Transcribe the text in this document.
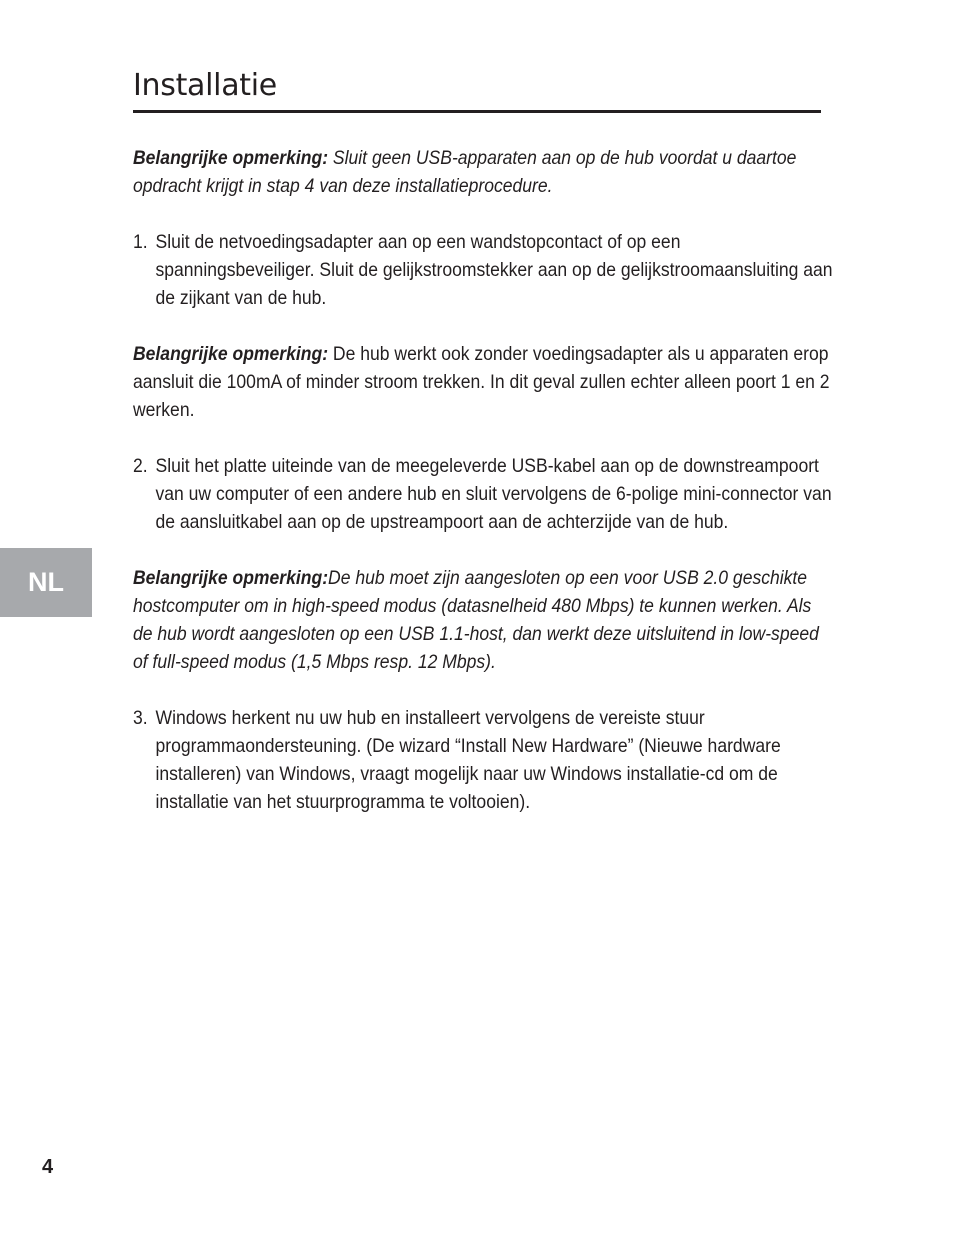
Installatie

Belangrijke opmerking: Sluit geen USB-apparaten aan op de hub voordat u daartoe opdracht krijgt in stap 4 van deze installatieprocedure.

1. Sluit de netvoedingsadapter aan op een wandstopcontact of op een spanningsbeveiliger. Sluit de gelijkstroomstekker aan op de gelijkstroomaansluiting aan de zijkant van de hub.

Belangrijke opmerking: De hub werkt ook zonder voedingsadapter als u apparaten erop aansluit die 100mA of minder stroom trekken. In dit geval zullen echter alleen poort 1 en 2 werken.

2. Sluit het platte uiteinde van de meegeleverde USB-kabel aan op de downstreampoort van uw computer of een andere hub en sluit vervolgens de 6-polige mini-connector van de aansluitkabel aan op de upstreampoort aan de achterzijde van de hub.

Belangrijke opmerking:De hub moet zijn aangesloten op een voor USB 2.0 geschikte hostcomputer om in high-speed modus (datasnelheid 480 Mbps) te kunnen werken. Als de hub wordt aangesloten op een USB 1.1-host, dan werkt deze uitsluitend in low-speed of full-speed modus (1,5 Mbps resp. 12 Mbps).

3. Windows herkent nu uw hub en installeert vervolgens de vereiste stuur programmaondersteuning. (De wizard “Install New Hardware” (Nieuwe hardware installeren) van Windows, vraagt mogelijk naar uw Windows installatie-cd om de installatie van het stuurprogramma te voltooien).
NL
4
